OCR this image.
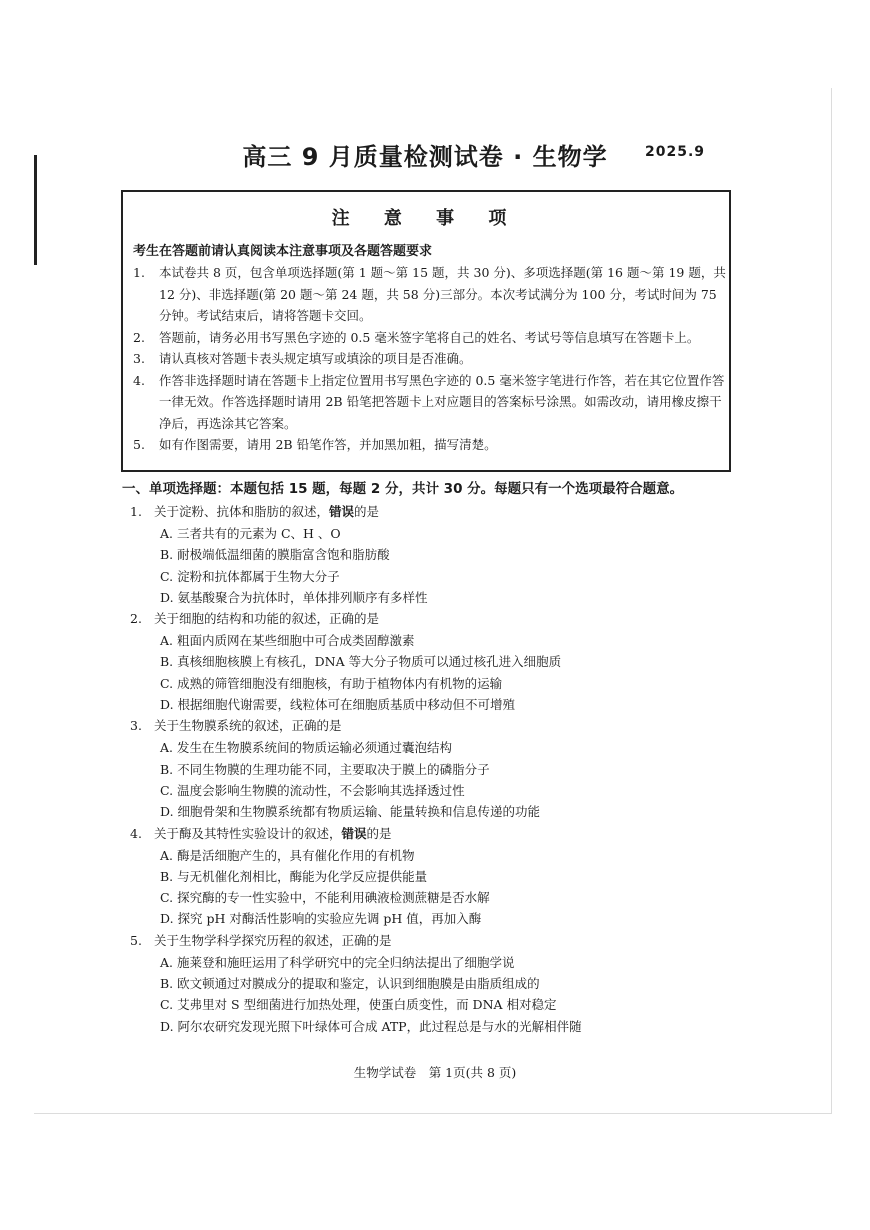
高三 9 月质量检测试卷 · 生物学	2025.9
注 意 事 项
考生在答题前请认真阅读本注意事项及各题答题要求
1. 本试卷共 8 页，包含单项选择题(第 1 题～第 15 题，共 30 分)、多项选择题(第 16 题～第 19 题，共 12 分)、非选择题(第 20 题～第 24 题，共 58 分)三部分。本次考试满分为 100 分，考试时间为 75 分钟。考试结束后，请将答题卡交回。
2. 答题前，请务必用书写黑色字迹的 0.5 毫米签字笔将自己的姓名、考试号等信息填写在答题卡上。
3. 请认真核对答题卡表头规定填写或填涂的项目是否准确。
4. 作答非选择题时请在答题卡上指定位置用书写黑色字迹的 0.5 毫米签字笔进行作答，若在其它位置作答一律无效。作答选择题时请用 2B 铅笔把答题卡上对应题目的答案标号涂黑。如需改动，请用橡皮擦干净后，再选涂其它答案。
5. 如有作图需要，请用 2B 铅笔作答，并加黑加粗，描写清楚。
一、单项选择题：本题包括 15 题，每题 2 分，共计 30 分。每题只有一个选项最符合题意。
1. 关于淀粉、抗体和脂肪的叙述，错误的是
A. 三者共有的元素为 C、H 、O
B. 耐极端低温细菌的膜脂富含饱和脂肪酸
C. 淀粉和抗体都属于生物大分子
D. 氨基酸聚合为抗体时，单体排列顺序有多样性
2. 关于细胞的结构和功能的叙述，正确的是
A. 粗面内质网在某些细胞中可合成类固醇激素
B. 真核细胞核膜上有核孔，DNA 等大分子物质可以通过核孔进入细胞质
C. 成熟的筛管细胞没有细胞核，有助于植物体内有机物的运输
D. 根据细胞代谢需要，线粒体可在细胞质基质中移动但不可增殖
3. 关于生物膜系统的叙述，正确的是
A. 发生在生物膜系统间的物质运输必须通过囊泡结构
B. 不同生物膜的生理功能不同，主要取决于膜上的磷脂分子
C. 温度会影响生物膜的流动性，不会影响其选择透过性
D. 细胞骨架和生物膜系统都有物质运输、能量转换和信息传递的功能
4. 关于酶及其特性实验设计的叙述，错误的是
A. 酶是活细胞产生的，具有催化作用的有机物
B. 与无机催化剂相比，酶能为化学反应提供能量
C. 探究酶的专一性实验中，不能利用碘液检测蔗糖是否水解
D. 探究 pH 对酶活性影响的实验应先调 pH 值，再加入酶
5. 关于生物学科学探究历程的叙述，正确的是
A. 施莱登和施旺运用了科学研究中的完全归纳法提出了细胞学说
B. 欧文顿通过对膜成分的提取和鉴定，认识到细胞膜是由脂质组成的
C. 艾弗里对 S 型细菌进行加热处理，使蛋白质变性，而 DNA 相对稳定
D. 阿尔农研究发现光照下叶绿体可合成 ATP，此过程总是与水的光解相伴随
生物学试卷　第 1页(共 8 页)
